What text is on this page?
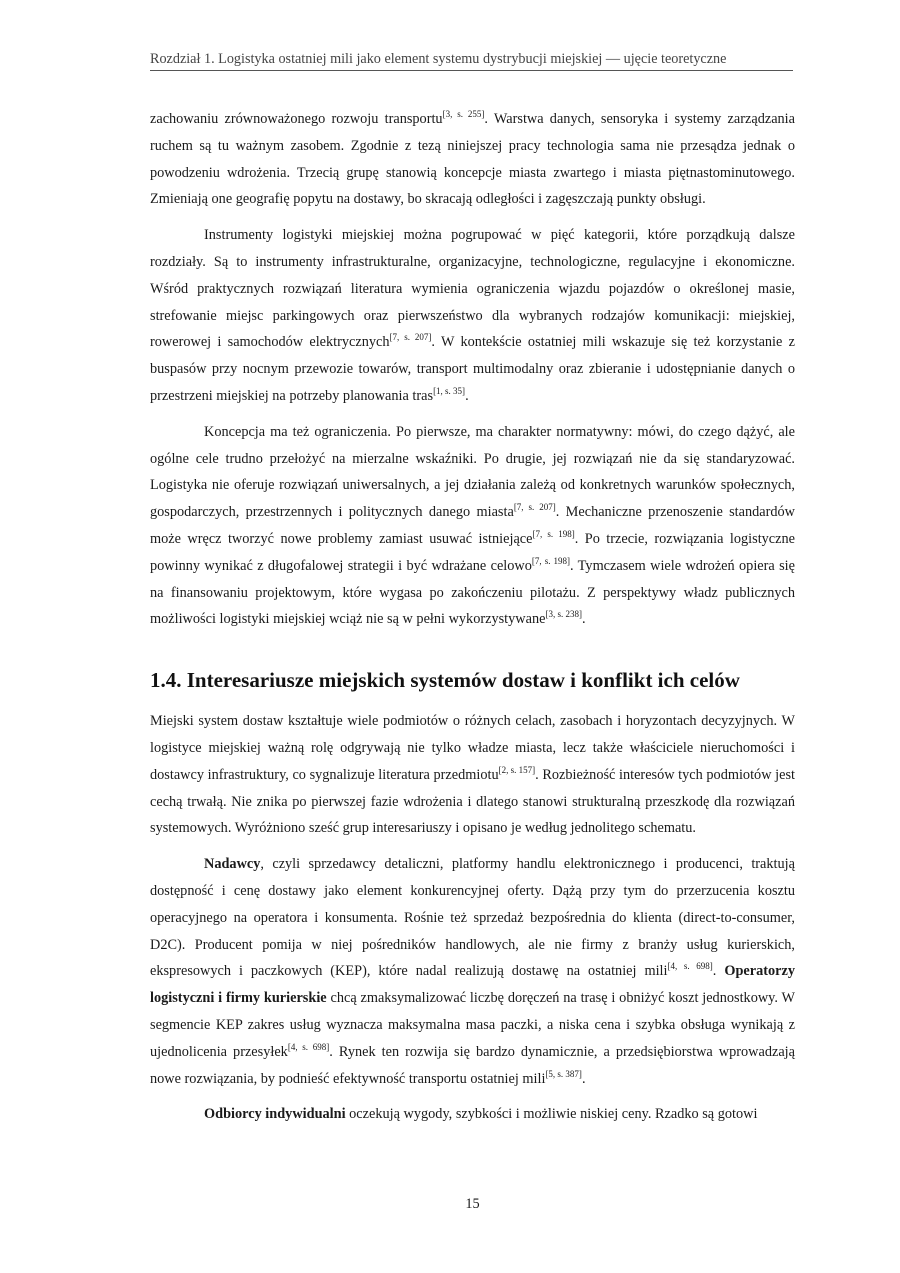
Rozdział 1. Logistyka ostatniej mili jako element systemu dystrybucji miejskiej — ujęcie teoretyczne

zachowaniu zrównoważonego rozwoju transportu[3, s. 255]. Warstwa danych, sensoryka i systemy zarządzania ruchem są tu ważnym zasobem. Zgodnie z tezą niniejszej pracy technologia sama nie przesądza jednak o powodzeniu wdrożenia. Trzecią grupę stanowią koncepcje miasta zwartego i miasta piętnastominutowego. Zmieniają one geografię popytu na dostawy, bo skracają odległości i zagęszczają punkty obsługi.

Instrumenty logistyki miejskiej można pogrupować w pięć kategorii, które porządkują dalsze rozdziały. Są to instrumenty infrastrukturalne, organizacyjne, technologiczne, regulacyjne i ekonomiczne. Wśród praktycznych rozwiązań literatura wymienia ograniczenia wjazdu pojazdów o określonej masie, strefowanie miejsc parkingowych oraz pierwszeństwo dla wybranych rodzajów komunikacji: miejskiej, rowerowej i samochodów elektrycznych[7, s. 207]. W kontekście ostatniej mili wskazuje się też korzystanie z buspasów przy nocnym przewozie towarów, transport multimodalny oraz zbieranie i udostępnianie danych o przestrzeni miejskiej na potrzeby planowania tras[1, s. 35].

Koncepcja ma też ograniczenia. Po pierwsze, ma charakter normatywny: mówi, do czego dążyć, ale ogólne cele trudno przełożyć na mierzalne wskaźniki. Po drugie, jej rozwiązań nie da się standaryzować. Logistyka nie oferuje rozwiązań uniwersalnych, a jej działania zależą od konkretnych warunków społecznych, gospodarczych, przestrzennych i politycznych danego miasta[7, s. 207]. Mechaniczne przenoszenie standardów może wręcz tworzyć nowe problemy zamiast usuwać istniejące[7, s. 198]. Po trzecie, rozwiązania logistyczne powinny wynikać z długofalowej strategii i być wdrażane celowo[7, s. 198]. Tymczasem wiele wdrożeń opiera się na finansowaniu projektowym, które wygasa po zakończeniu pilotażu. Z perspektywy władz publicznych możliwości logistyki miejskiej wciąż nie są w pełni wykorzystywane[3, s. 238].

1.4. Interesariusze miejskich systemów dostaw i konflikt ich celów

Miejski system dostaw kształtuje wiele podmiotów o różnych celach, zasobach i horyzontach decyzyjnych. W logistyce miejskiej ważną rolę odgrywają nie tylko władze miasta, lecz także właściciele nieruchomości i dostawcy infrastruktury, co sygnalizuje literatura przedmiotu[2, s. 157]. Rozbieżność interesów tych podmiotów jest cechą trwałą. Nie znika po pierwszej fazie wdrożenia i dlatego stanowi strukturalną przeszkodę dla rozwiązań systemowych. Wyróżniono sześć grup interesariuszy i opisano je według jednolitego schematu.

Nadawcy, czyli sprzedawcy detaliczni, platformy handlu elektronicznego i producenci, traktują dostępność i cenę dostawy jako element konkurencyjnej oferty. Dążą przy tym do przerzucenia kosztu operacyjnego na operatora i konsumenta. Rośnie też sprzedaż bezpośrednia do klienta (direct-to-consumer, D2C). Producent pomija w niej pośredników handlowych, ale nie firmy z branży usług kurierskich, ekspresowych i paczkowych (KEP), które nadal realizują dostawę na ostatniej mili[4, s. 698]. Operatorzy logistyczni i firmy kurierskie chcą zmaksymalizować liczbę doręczeń na trasę i obniżyć koszt jednostkowy. W segmencie KEP zakres usług wyznacza maksymalna masa paczki, a niska cena i szybka obsługa wynikają z ujednolicenia przesyłek[4, s. 698]. Rynek ten rozwija się bardzo dynamicznie, a przedsiębiorstwa wprowadzają nowe rozwiązania, by podnieść efektywność transportu ostatniej mili[5, s. 387].

Odbiorcy indywidualni oczekują wygody, szybkości i możliwie niskiej ceny. Rzadko są gotowi

15
